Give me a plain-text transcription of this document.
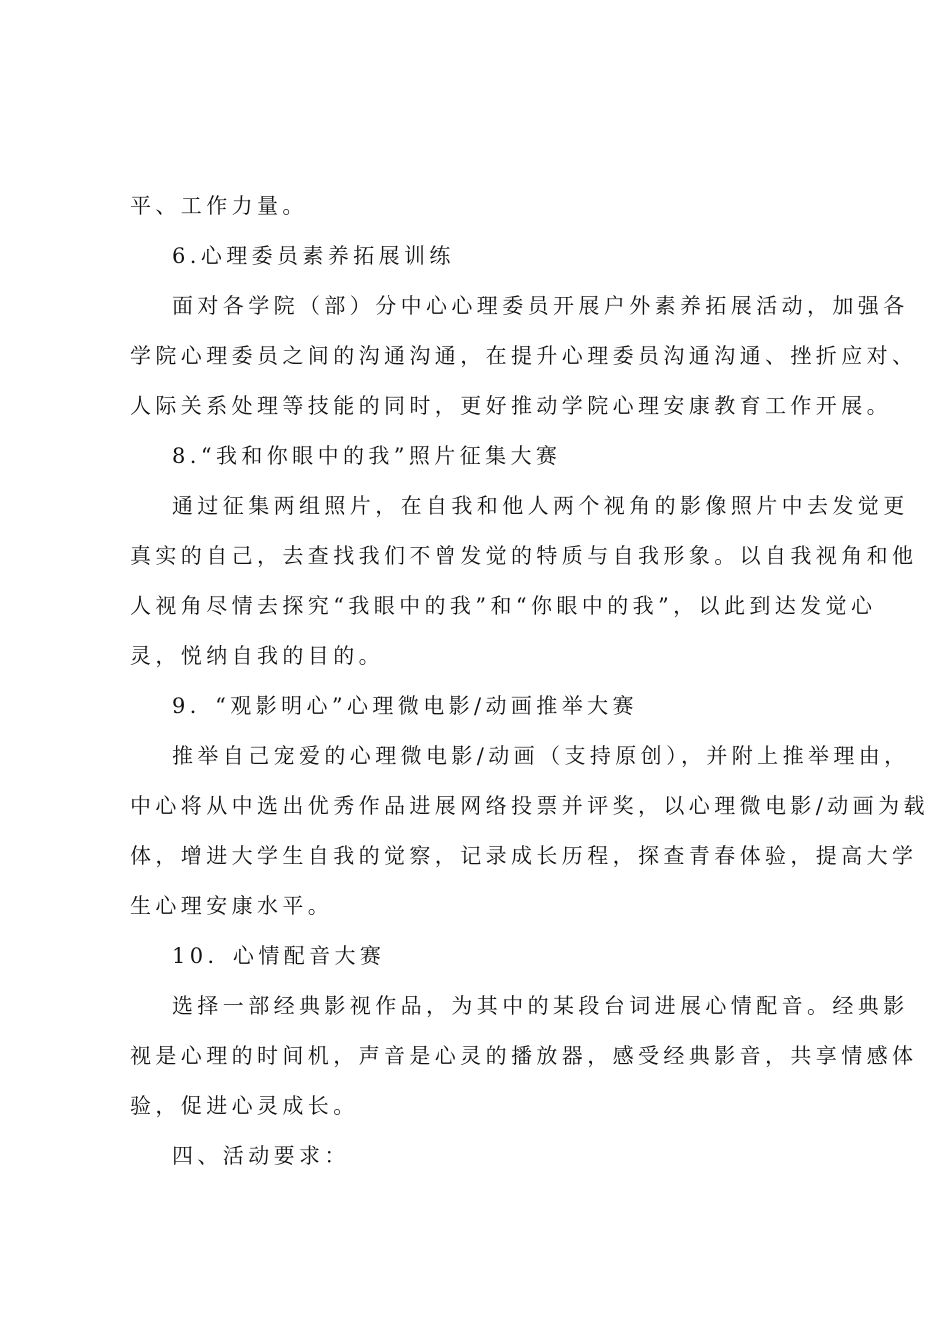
平、工作力量。
6.心理委员素养拓展训练
面对各学院（部）分中心心理委员开展户外素养拓展活动，加强各
学院心理委员之间的沟通沟通，在提升心理委员沟通沟通、挫折应对、
人际关系处理等技能的同时，更好推动学院心理安康教育工作开展。
8.“我和你眼中的我”照片征集大赛
通过征集两组照片，在自我和他人两个视角的影像照片中去发觉更
真实的自己，去查找我们不曾发觉的特质与自我形象。以自我视角和他
人视角尽情去探究“我眼中的我”和“你眼中的我”，以此到达发觉心
灵，悦纳自我的目的。
9．“观影明心”心理微电影/动画推举大赛
推举自己宠爱的心理微电影/动画（支持原创），并附上推举理由，
中心将从中选出优秀作品进展网络投票并评奖，以心理微电影/动画为载
体，增进大学生自我的觉察，记录成长历程，探查青春体验，提高大学
生心理安康水平。
10．心情配音大赛
选择一部经典影视作品，为其中的某段台词进展心情配音。经典影
视是心理的时间机，声音是心灵的播放器，感受经典影音，共享情感体
验，促进心灵成长。
四、活动要求：
